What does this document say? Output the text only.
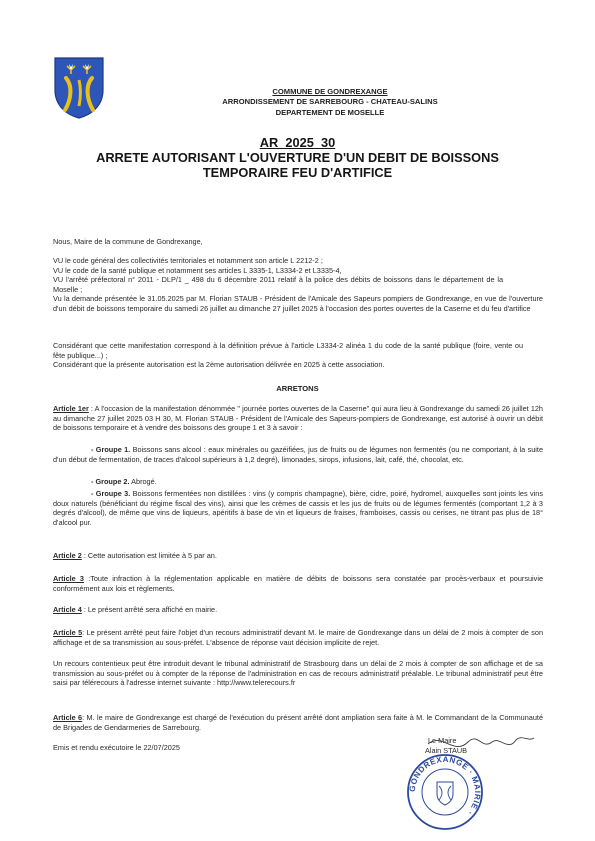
COMMUNE DE GONDREXANGE
ARRONDISSEMENT DE SARREBOURG - CHATEAU-SALINS
DEPARTEMENT DE MOSELLE
AR_2025_30
ARRETE AUTORISANT L'OUVERTURE D'UN DEBIT DE BOISSONS
TEMPORAIRE FEU D'ARTIFICE
Nous, Maire de la commune de Gondrexange,
VU le code général des collectivités territoriales et notamment son article L 2212-2 ;
VU le code de la santé publique et notamment ses articles L 3335-1, L3334-2 et L3335-4,
VU l'arrêté préfectoral n° 2011 - DLP/1 _ 498 du 6 décembre 2011 relatif à la police des débits de boissons dans le département de la Moselle ;
Vu la demande présentée le 31.05.2025 par M. Florian STAUB - Président de l'Amicale des Sapeurs pompiers de Gondrexange, en vue de l'ouverture d'un débit de boissons temporaire du samedi 26 juillet au dimanche 27 juillet 2025 à l'occasion des portes ouvertes de la Caserne et du feu d'artifice
Considérant que cette manifestation correspond à la définition prévue à l'article L3334-2 alinéa 1 du code de la santé publique (foire, vente ou fête publique...) ;
Considérant que la présente autorisation est la 2ème autorisation délivrée en 2025 à cette association.
ARRETONS
Article 1er : A l'occasion de la manifestation dénommée " journée portes ouvertes de la Caserne" qui aura lieu à Gondrexange du samedi 26 juillet 12h au dimanche 27 juillet 2025 03 H 30, M. Florian STAUB - Président de l'Amicale des Sapeurs-pompiers de Gondrexange, est autorisé à ouvrir un débit de boissons temporaire et à vendre des boissons des groupe 1 et 3 à savoir :
- Groupe 1. Boissons sans alcool : eaux minérales ou gazéifiées, jus de fruits ou de légumes non fermentés (ou ne comportant, à la suite d'un début de fermentation, de traces d'alcool supérieurs à 1,2 degré), limonades, sirops, infusions, lait, café, thé, chocolat, etc.
- Groupe 2. Abrogé.
- Groupe 3. Boissons fermentées non distillées : vins (y compris champagne), bière, cidre, poiré, hydromel, auxquelles sont joints les vins doux naturels (bénéficiant du régime fiscal des vins), ainsi que les crèmes de cassis et les jus de fruits ou de légumes fermentés (comportant 1,2 à 3 degrés d'alcool), de même que vins de liqueurs, apéritifs à base de vin et liqueurs de fraises, framboises, cassis ou cerises, ne titrant pas plus de 18° d'alcool pur.
Article 2 : Cette autorisation est limitée à 5 par an.
Article 3 :Toute infraction à la réglementation applicable en matière de débits de boissons sera constatée par procès-verbaux et poursuivie conformément aux lois et règlements.
Article 4 : Le présent arrêté sera affiché en mairie.
Article 5: Le présent arrêté peut faire l'objet d'un recours administratif devant M. le maire de Gondrexange dans un délai de 2 mois à compter de son affichage et de sa transmission au sous-préfet. L'absence de réponse vaut décision implicite de rejet.
Un recours contentieux peut être introduit devant le tribunal administratif de Strasbourg dans un délai de 2 mois à compter de son affichage et de sa transmission au sous-préfet ou à compter de la réponse de l'administration en cas de recours administratif préalable. Le tribunal administratif peut être saisi par télérecours à l'adresse internet suivante : http://www.telerecours.fr
Article 6: M. le maire de Gondrexange est chargé de l'exécution du présent arrêté dont ampliation sera faite à M. le Commandant de la Communauté de Brigades de Gendarmeries de Sarrebourg.
Emis et rendu exécutoire le 22/07/2025
Le Maire
Alain STAUB
GONDREXANGE · MAIRIE ·
